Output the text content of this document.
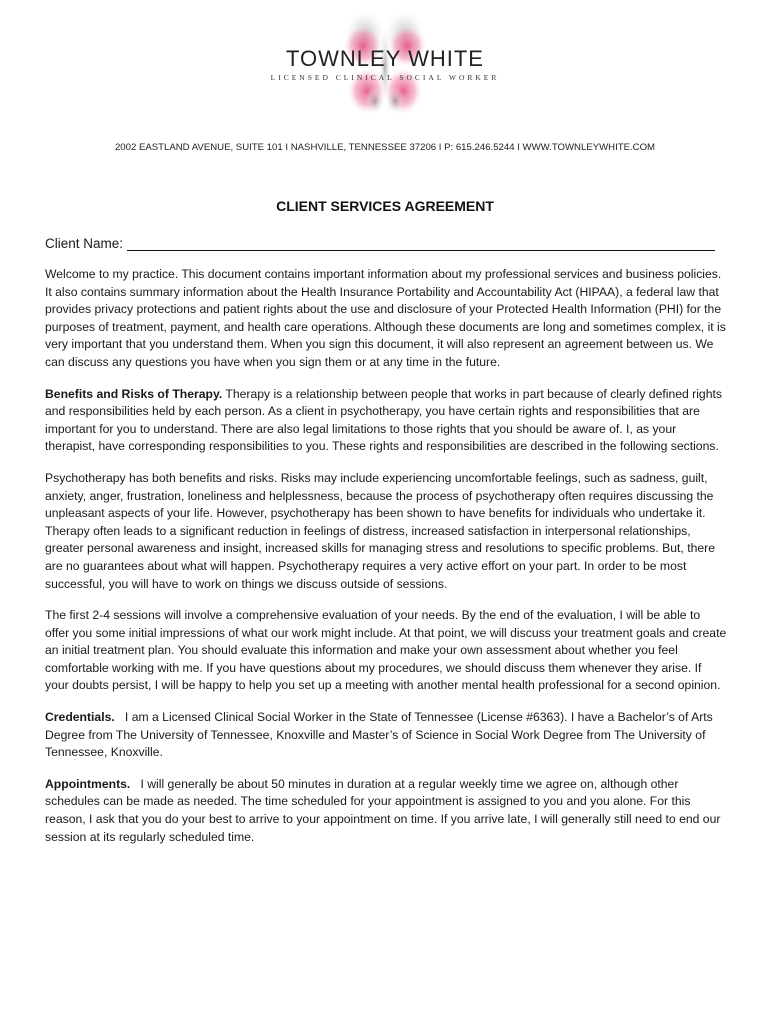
TOWNLEY WHITE
LICENSED CLINICAL SOCIAL WORKER
2002 EASTLAND AVENUE, SUITE 101 I NASHVILLE, TENNESSEE 37206 I P: 615.246.5244 I WWW.TOWNLEYWHITE.COM
CLIENT SERVICES AGREEMENT
Client Name:

Welcome to my practice. This document contains important information about my professional services and business policies. It also contains summary information about the Health Insurance Portability and Accountability Act (HIPAA), a federal law that provides privacy protections and patient rights about the use and disclosure of your Protected Health Information (PHI) for the purposes of treatment, payment, and health care operations. Although these documents are long and sometimes complex, it is very important that you understand them. When you sign this document, it will also represent an agreement between us. We can discuss any questions you have when you sign them or at any time in the future.

Benefits and Risks of Therapy. Therapy is a relationship between people that works in part because of clearly defined rights and responsibilities held by each person. As a client in psychotherapy, you have certain rights and responsibilities that are important for you to understand. There are also legal limitations to those rights that you should be aware of. I, as your therapist, have corresponding responsibilities to you. These rights and responsibilities are described in the following sections.

Psychotherapy has both benefits and risks. Risks may include experiencing uncomfortable feelings, such as sadness, guilt, anxiety, anger, frustration, loneliness and helplessness, because the process of psychotherapy often requires discussing the unpleasant aspects of your life. However, psychotherapy has been shown to have benefits for individuals who undertake it. Therapy often leads to a significant reduction in feelings of distress, increased satisfaction in interpersonal relationships, greater personal awareness and insight, increased skills for managing stress and resolutions to specific problems. But, there are no guarantees about what will happen. Psychotherapy requires a very active effort on your part. In order to be most successful, you will have to work on things we discuss outside of sessions.

The first 2-4 sessions will involve a comprehensive evaluation of your needs. By the end of the evaluation, I will be able to offer you some initial impressions of what our work might include. At that point, we will discuss your treatment goals and create an initial treatment plan. You should evaluate this information and make your own assessment about whether you feel comfortable working with me. If you have questions about my procedures, we should discuss them whenever they arise. If your doubts persist, I will be happy to help you set up a meeting with another mental health professional for a second opinion.

Credentials.   I am a Licensed Clinical Social Worker in the State of Tennessee (License #6363). I have a Bachelor’s of Arts Degree from The University of Tennessee, Knoxville and Master’s of Science in Social Work Degree from The University of Tennessee, Knoxville.

Appointments.   I will generally be about 50 minutes in duration at a regular weekly time we agree on, although other schedules can be made as needed. The time scheduled for your appointment is assigned to you and you alone. For this reason, I ask that you do your best to arrive to your appointment on time. If you arrive late, I will generally still need to end our session at its regularly scheduled time.
